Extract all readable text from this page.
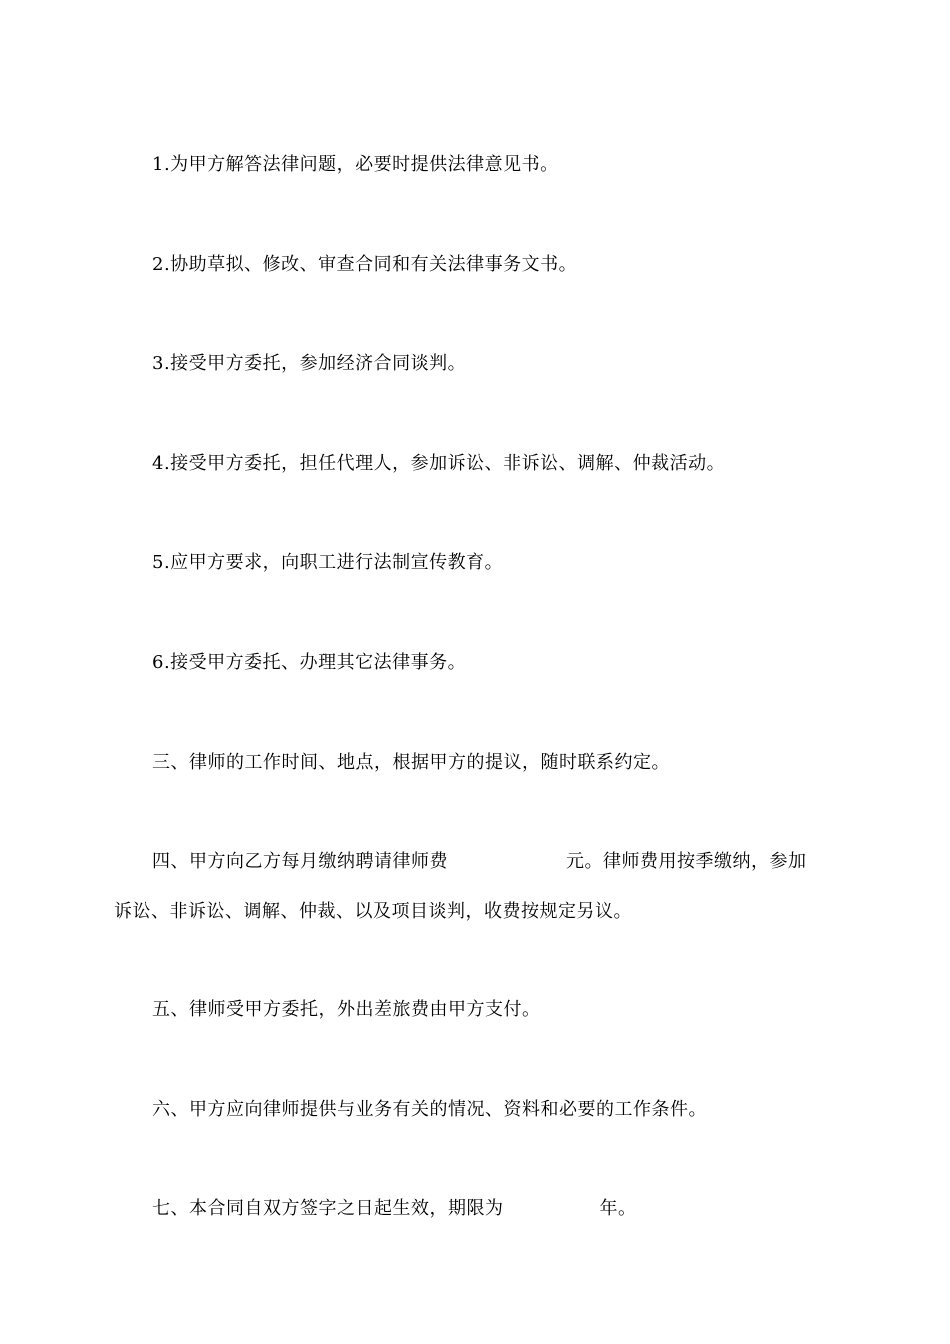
1.为甲方解答法律问题，必要时提供法律意见书。
2.协助草拟、修改、审查合同和有关法律事务文书。
3.接受甲方委托，参加经济合同谈判。
4.接受甲方委托，担任代理人，参加诉讼、非诉讼、调解、仲裁活动。
5.应甲方要求，向职工进行法制宣传教育。
6.接受甲方委托、办理其它法律事务。
三、律师的工作时间、地点，根据甲方的提议，随时联系约定。
四、甲方向乙方每月缴纳聘请律师费	元。律师费用按季缴纳，参加
诉讼、非诉讼、调解、仲裁、以及项目谈判，收费按规定另议。
五、律师受甲方委托，外出差旅费由甲方支付。
六、甲方应向律师提供与业务有关的情况、资料和必要的工作条件。
七、本合同自双方签字之日起生效，期限为	年。
